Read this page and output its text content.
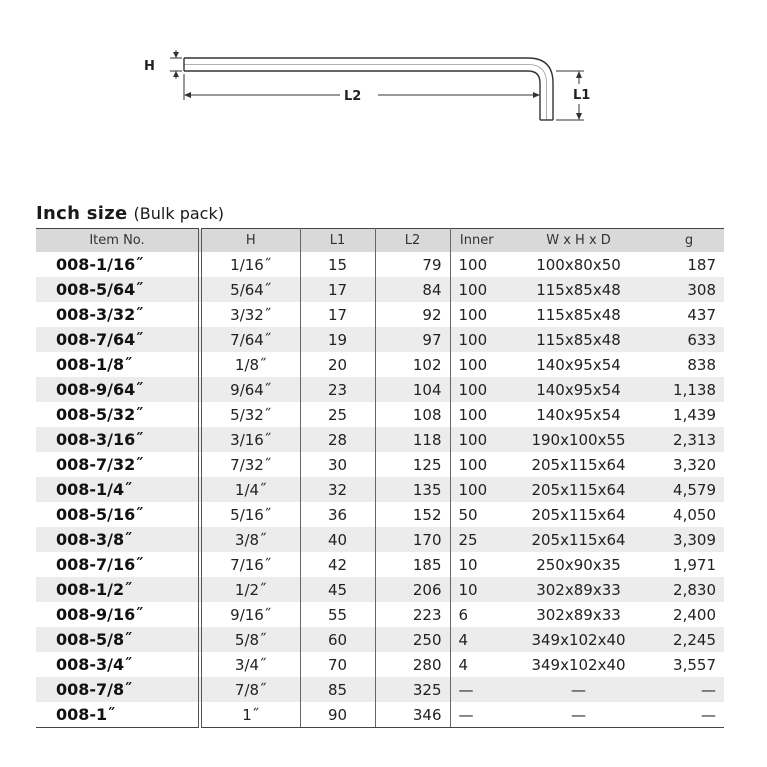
H
L2	L1
Inch size (Bulk pack)
Item No.	H	L1	L2	Inner	W x H x D	g
008-1/16˝	1/16˝	15	79	100	100x80x50	187
008-5/64˝	5/64˝	17	84	100	115x85x48	308
008-3/32˝	3/32˝	17	92	100	115x85x48	437
008-7/64˝	7/64˝	19	97	100	115x85x48	633
008-1/8˝	1/8˝	20	102	100	140x95x54	838
008-9/64˝	9/64˝	23	104	100	140x95x54	1,138
008-5/32˝	5/32˝	25	108	100	140x95x54	1,439
008-3/16˝	3/16˝	28	118	100	190x100x55	2,313
008-7/32˝	7/32˝	30	125	100	205x115x64	3,320
008-1/4˝	1/4˝	32	135	100	205x115x64	4,579
008-5/16˝	5/16˝	36	152	50	205x115x64	4,050
008-3/8˝	3/8˝	40	170	25	205x115x64	3,309
008-7/16˝	7/16˝	42	185	10	250x90x35	1,971
008-1/2˝	1/2˝	45	206	10	302x89x33	2,830
008-9/16˝	9/16˝	55	223	6	302x89x33	2,400
008-5/8˝	5/8˝	60	250	4	349x102x40	2,245
008-3/4˝	3/4˝	70	280	4	349x102x40	3,557
008-7/8˝	7/8˝	85	325	—	—	—
008-1˝	1˝	90	346	—	—	—
